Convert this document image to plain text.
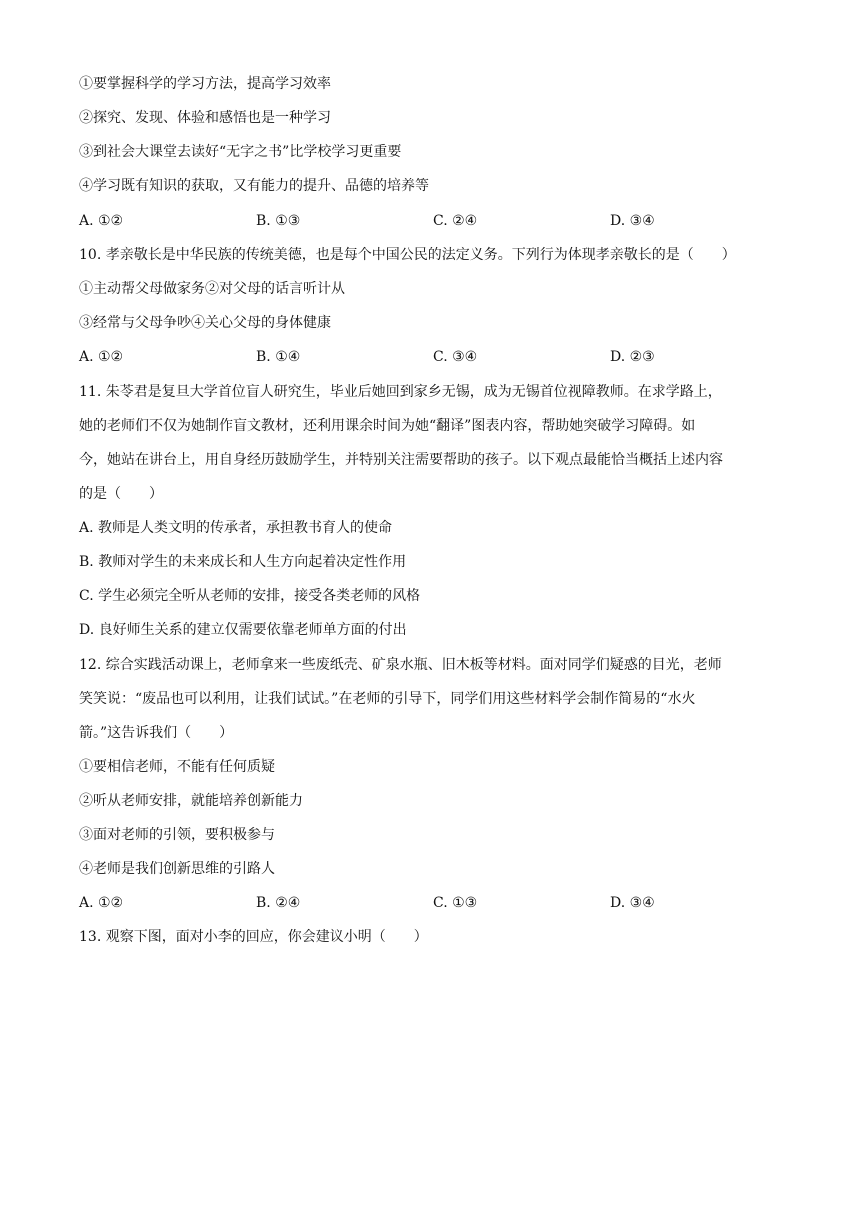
①要掌握科学的学习方法，提高学习效率
②探究、发现、体验和感悟也是一种学习
③到社会大课堂去读好“无字之书”比学校学习更重要
④学习既有知识的获取，又有能力的提升、品德的培养等
A. ①②	B. ①③	C. ②④	D. ③④
10. 孝亲敬长是中华民族的传统美德，也是每个中国公民的法定义务。下列行为体现孝亲敬长的是（　　）
①主动帮父母做家务②对父母的话言听计从
③经常与父母争吵④关心父母的身体健康
A. ①②	B. ①④	C. ③④	D. ②③
11. 朱苓君是复旦大学首位盲人研究生，毕业后她回到家乡无锡，成为无锡首位视障教师。在求学路上，
她的老师们不仅为她制作盲文教材，还利用课余时间为她“翻译”图表内容，帮助她突破学习障碍。如
今，她站在讲台上，用自身经历鼓励学生，并特别关注需要帮助的孩子。以下观点最能恰当概括上述内容
的是（　　）
A. 教师是人类文明的传承者，承担教书育人的使命
B. 教师对学生的未来成长和人生方向起着决定性作用
C. 学生必须完全听从老师的安排，接受各类老师的风格
D. 良好师生关系的建立仅需要依靠老师单方面的付出
12. 综合实践活动课上，老师拿来一些废纸壳、矿泉水瓶、旧木板等材料。面对同学们疑惑的目光，老师
笑笑说：“废品也可以利用，让我们试试。”在老师的引导下，同学们用这些材料学会制作简易的“水火
箭。”这告诉我们（　　）
①要相信老师，不能有任何质疑
②听从老师安排，就能培养创新能力
③面对老师的引领，要积极参与
④老师是我们创新思维的引路人
A. ①②	B. ②④	C. ①③	D. ③④
13. 观察下图，面对小李的回应，你会建议小明（　　）
